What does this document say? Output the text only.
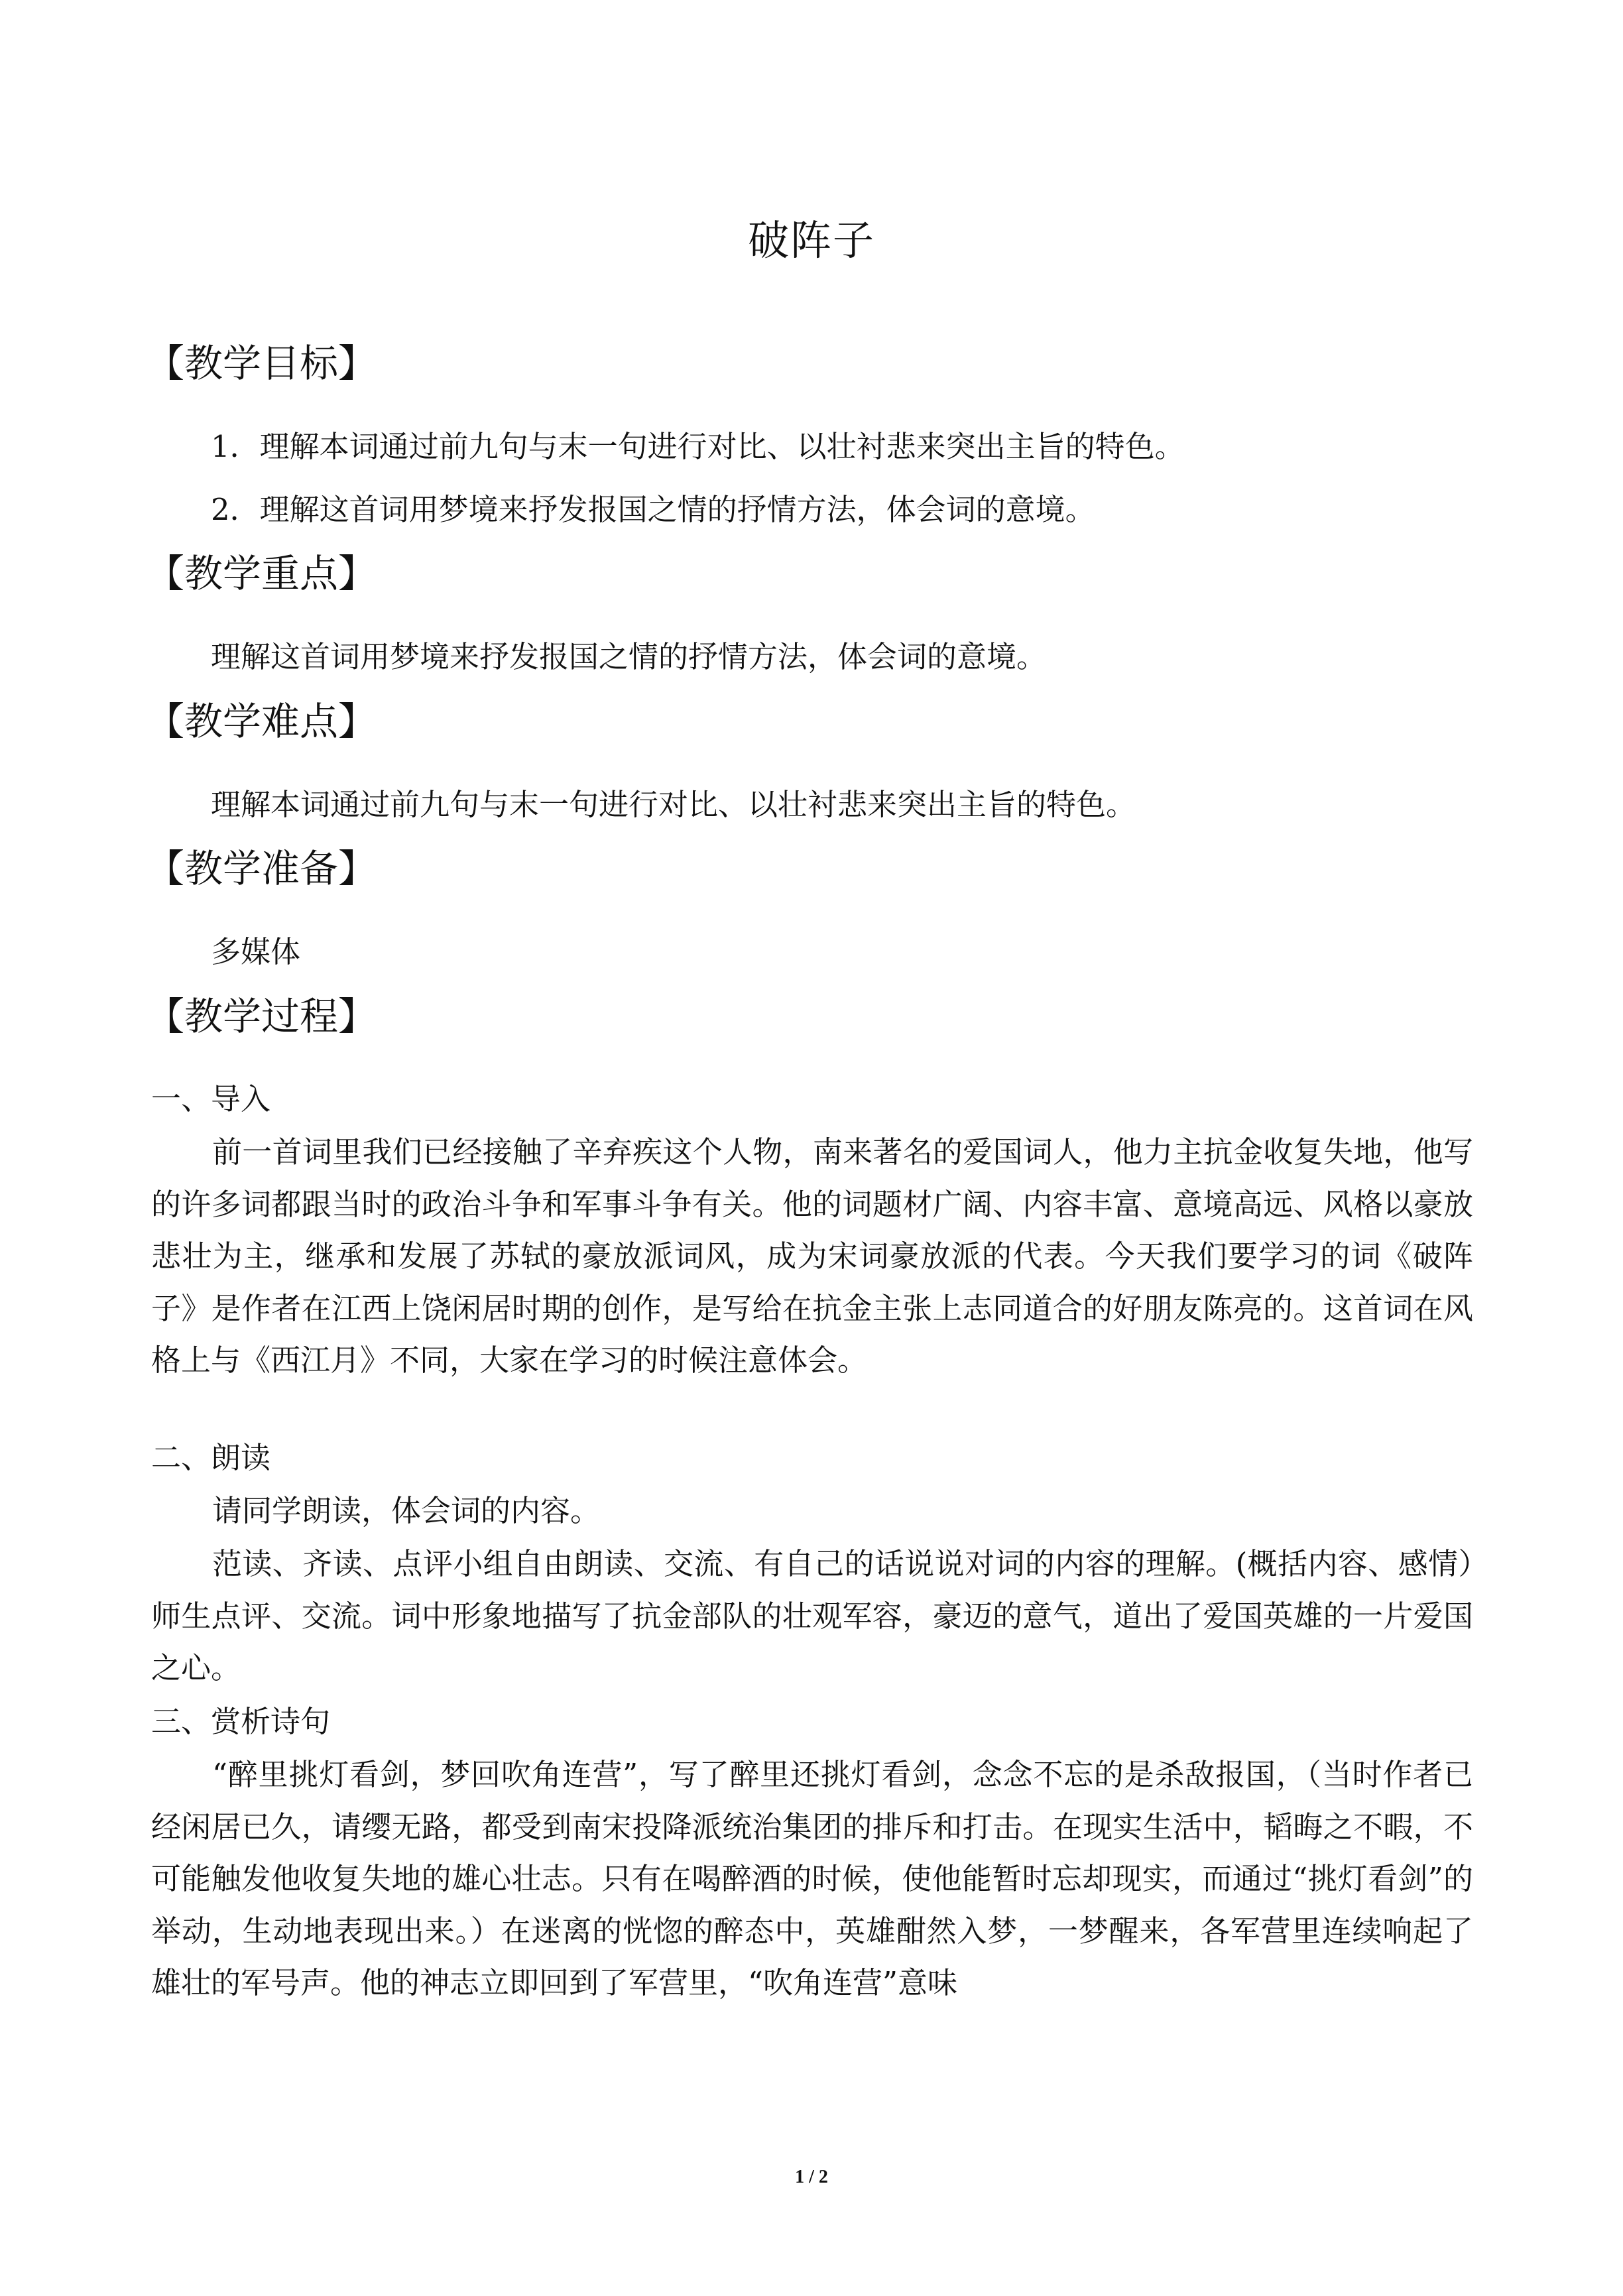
破阵子
【教学目标】
1．理解本词通过前九句与末一句进行对比、以壮衬悲来突出主旨的特色。
2．理解这首词用梦境来抒发报国之情的抒情方法，体会词的意境。
【教学重点】
理解这首词用梦境来抒发报国之情的抒情方法，体会词的意境。
【教学难点】
理解本词通过前九句与末一句进行对比、以壮衬悲来突出主旨的特色。
【教学准备】
多媒体
【教学过程】
一、导入

前一首词里我们已经接触了辛弃疾这个人物，南来著名的爱国词人，他力主抗金收复失地，他写的许多词都跟当时的政治斗争和军事斗争有关。他的词题材广阔、内容丰富、意境高远、风格以豪放悲壮为主，继承和发展了苏轼的豪放派词风，成为宋词豪放派的代表。今天我们要学习的词《破阵子》是作者在江西上饶闲居时期的创作，是写给在抗金主张上志同道合的好朋友陈亮的。这首词在风格上与《西江月》不同，大家在学习的时候注意体会。

二、朗读

请同学朗读，体会词的内容。

范读、齐读、点评小组自由朗读、交流、有自己的话说说对词的内容的理解。(概括内容、感情）师生点评、交流。词中形象地描写了抗金部队的壮观军容，豪迈的意气，道出了爱国英雄的一片爱国之心。

三、赏析诗句

“醉里挑灯看剑，梦回吹角连营”，写了醉里还挑灯看剑，念念不忘的是杀敌报国，（当时作者已经闲居已久，请缨无路，都受到南宋投降派统治集团的排斥和打击。在现实生活中，韬晦之不暇，不可能触发他收复失地的雄心壮志。只有在喝醉酒的时候，使他能暂时忘却现实，而通过“挑灯看剑”的举动，生动地表现出来。）在迷离的恍惚的醉态中，英雄酣然入梦，一梦醒来，各军营里连续响起了雄壮的军号声。他的神志立即回到了军营里，“吹角连营”意味

1 / 2
